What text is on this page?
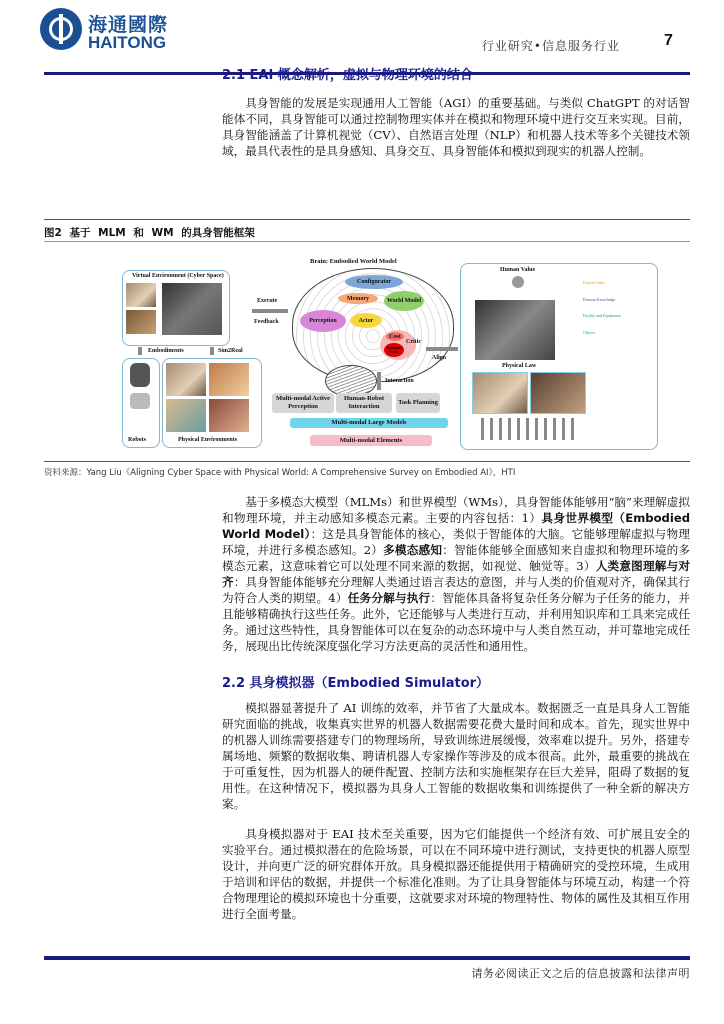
海通國際
HAITONG	行业研究•信息服务行业	7
2.1 EAI 概念解析，虚拟与物理环境的结合
具身智能的发展是实现通用人工智能（AGI）的重要基础。与类似 ChatGPT 的对话智能体不同，具身智能可以通过控制物理实体并在模拟和物理环境中进行交互来实现。目前，具身智能涵盖了计算机视觉（CV）、自然语言处理（NLP）和机器人技术等多个关键技术领域，最具代表性的是具身感知、具身交互、具身智能体和模拟到现实的机器人控制。
图2 基于 MLM 和 WM 的具身智能框架
Virtual Environment (Cyber Space)
Execute
Feedback
Embodiments	Sim2Real
Robots	Physical Environments
Brain: Embodied World Model
Configurator
Memory	World Model
Perception	Actor
Cost
Intrinsic Cost
Critic
Align
Interaction
Multi-modal Active Perception
Human-Robot Interaction
Task Planning
Multi-modal Large Models
Multi-modal Elements
Human Value
Human Value
Domain Knowledge
Facility and Equipment
Objects
Physical Law
资料来源：Yang Liu《Aligning Cyber Space with Physical World: A Comprehensive Survey on Embodied AI》，HTI
基于多模态大模型（MLMs）和世界模型（WMs），具身智能体能够用“脑”来理解虚拟和物理环境，并主动感知多模态元素。主要的内容包括：1）具身世界模型（Embodied World Model）：这是具身智能体的核心，类似于智能体的大脑。它能够理解虚拟与物理环境，并进行多模态感知。2）多模态感知：智能体能够全面感知来自虚拟和物理环境的多模态元素，这意味着它可以处理不同来源的数据，如视觉、触觉等。3）人类意图理解与对齐：具身智能体能够充分理解人类通过语言表达的意图，并与人类的价值观对齐，确保其行为符合人类的期望。4）任务分解与执行：智能体具备将复杂任务分解为子任务的能力，并且能够精确执行这些任务。此外，它还能够与人类进行互动，并利用知识库和工具来完成任务。通过这些特性，具身智能体可以在复杂的动态环境中与人类自然互动，并可靠地完成任务，展现出比传统深度强化学习方法更高的灵活性和通用性。
2.2 具身模拟器（Embodied Simulator）
模拟器显著提升了 AI 训练的效率，并节省了大量成本。数据匮乏一直是具身人工智能研究面临的挑战，收集真实世界的机器人数据需要花费大量时间和成本。首先，现实世界中的机器人训练需要搭建专门的物理场所，导致训练进展缓慢，效率难以提升。另外，搭建专属场地、频繁的数据收集、聘请机器人专家操作等涉及的成本很高。此外，最重要的挑战在于可重复性，因为机器人的硬件配置、控制方法和实施框架存在巨大差异，阻碍了数据的复用性。在这种情况下，模拟器为具身人工智能的数据收集和训练提供了一种全新的解决方案。
具身模拟器对于 EAI 技术至关重要，因为它们能提供一个经济有效、可扩展且安全的实验平台。通过模拟潜在的危险场景，可以在不同环境中进行测试，支持更快的机器人原型设计，并向更广泛的研究群体开放。具身模拟器还能提供用于精确研究的受控环境，生成用于培训和评估的数据，并提供一个标准化准则。为了让具身智能体与环境互动，构建一个符合物理理论的模拟环境也十分重要，这就要求对环境的物理特性、物体的属性及其相互作用进行全面考量。
请务必阅读正文之后的信息披露和法律声明
